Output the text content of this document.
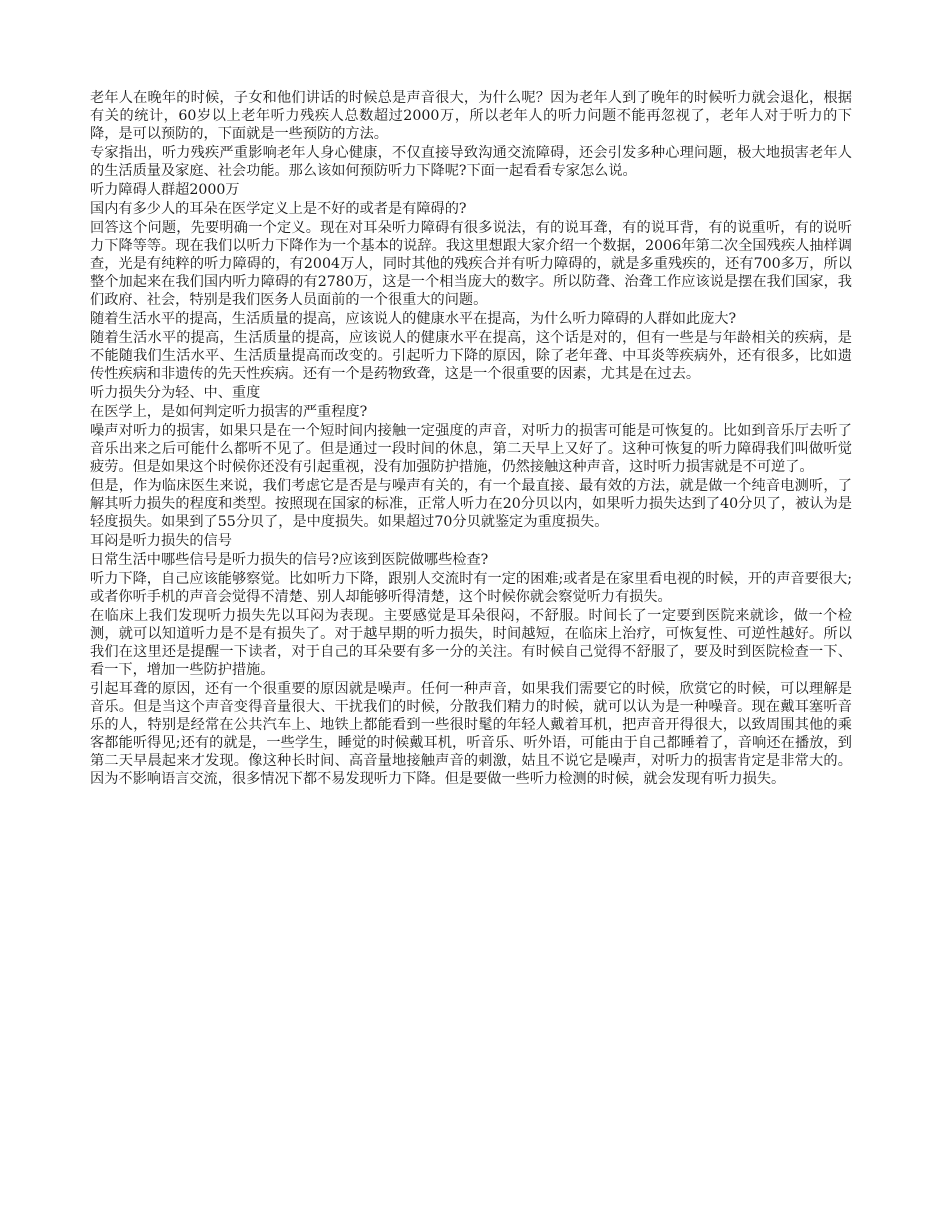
老年人在晚年的时候，子女和他们讲话的时候总是声音很大，为什么呢？因为老年人到了晚年的时候听力就会退化，根据有关的统计，60岁以上老年听力残疾人总数超过2000万，所以老年人的听力问题不能再忽视了，老年人对于听力的下降，是可以预防的，下面就是一些预防的方法。

专家指出，听力残疾严重影响老年人身心健康，不仅直接导致沟通交流障碍，还会引发多种心理问题，极大地损害老年人的生活质量及家庭、社会功能。那么该如何预防听力下降呢?下面一起看看专家怎么说。

听力障碍人群超2000万

国内有多少人的耳朵在医学定义上是不好的或者是有障碍的?

回答这个问题，先要明确一个定义。现在对耳朵听力障碍有很多说法，有的说耳聋，有的说耳背，有的说重听，有的说听力下降等等。现在我们以听力下降作为一个基本的说辞。我这里想跟大家介绍一个数据，2006年第二次全国残疾人抽样调查，光是有纯粹的听力障碍的，有2004万人，同时其他的残疾合并有听力障碍的，就是多重残疾的，还有700多万，所以整个加起来在我们国内听力障碍的有2780万，这是一个相当庞大的数字。所以防聋、治聋工作应该说是摆在我们国家，我们政府、社会，特别是我们医务人员面前的一个很重大的问题。

随着生活水平的提高，生活质量的提高，应该说人的健康水平在提高，为什么听力障碍的人群如此庞大?

随着生活水平的提高，生活质量的提高，应该说人的健康水平在提高，这个话是对的，但有一些是与年龄相关的疾病，是不能随我们生活水平、生活质量提高而改变的。引起听力下降的原因，除了老年聋、中耳炎等疾病外，还有很多，比如遗传性疾病和非遗传的先天性疾病。还有一个是药物致聋，这是一个很重要的因素，尤其是在过去。

听力损失分为轻、中、重度

在医学上，是如何判定听力损害的严重程度?

噪声对听力的损害，如果只是在一个短时间内接触一定强度的声音，对听力的损害可能是可恢复的。比如到音乐厅去听了音乐出来之后可能什么都听不见了。但是通过一段时间的休息，第二天早上又好了。这种可恢复的听力障碍我们叫做听觉疲劳。但是如果这个时候你还没有引起重视，没有加强防护措施，仍然接触这种声音，这时听力损害就是不可逆了。

但是，作为临床医生来说，我们考虑它是否是与噪声有关的，有一个最直接、最有效的方法，就是做一个纯音电测听，了解其听力损失的程度和类型。按照现在国家的标准，正常人听力在20分贝以内，如果听力损失达到了40分贝了，被认为是轻度损失。如果到了55分贝了，是中度损失。如果超过70分贝就鉴定为重度损失。

耳闷是听力损失的信号

日常生活中哪些信号是听力损失的信号?应该到医院做哪些检查?

听力下降，自己应该能够察觉。比如听力下降，跟别人交流时有一定的困难;或者是在家里看电视的时候，开的声音要很大;或者你听手机的声音会觉得不清楚、别人却能够听得清楚，这个时候你就会察觉听力有损失。

在临床上我们发现听力损失先以耳闷为表现。主要感觉是耳朵很闷，不舒服。时间长了一定要到医院来就诊，做一个检测，就可以知道听力是不是有损失了。对于越早期的听力损失，时间越短，在临床上治疗，可恢复性、可逆性越好。所以我们在这里还是提醒一下读者，对于自己的耳朵要有多一分的关注。有时候自己觉得不舒服了，要及时到医院检查一下、看一下，增加一些防护措施。

引起耳聋的原因，还有一个很重要的原因就是噪声。任何一种声音，如果我们需要它的时候，欣赏它的时候，可以理解是音乐。但是当这个声音变得音量很大、干扰我们的时候，分散我们精力的时候，就可以认为是一种噪音。现在戴耳塞听音乐的人，特别是经常在公共汽车上、地铁上都能看到一些很时髦的年轻人戴着耳机，把声音开得很大，以致周围其他的乘客都能听得见;还有的就是，一些学生，睡觉的时候戴耳机，听音乐、听外语，可能由于自己都睡着了，音响还在播放，到第二天早晨起来才发现。像这种长时间、高音量地接触声音的刺激，姑且不说它是噪声，对听力的损害肯定是非常大的。因为不影响语言交流，很多情况下都不易发现听力下降。但是要做一些听力检测的时候，就会发现有听力损失。
